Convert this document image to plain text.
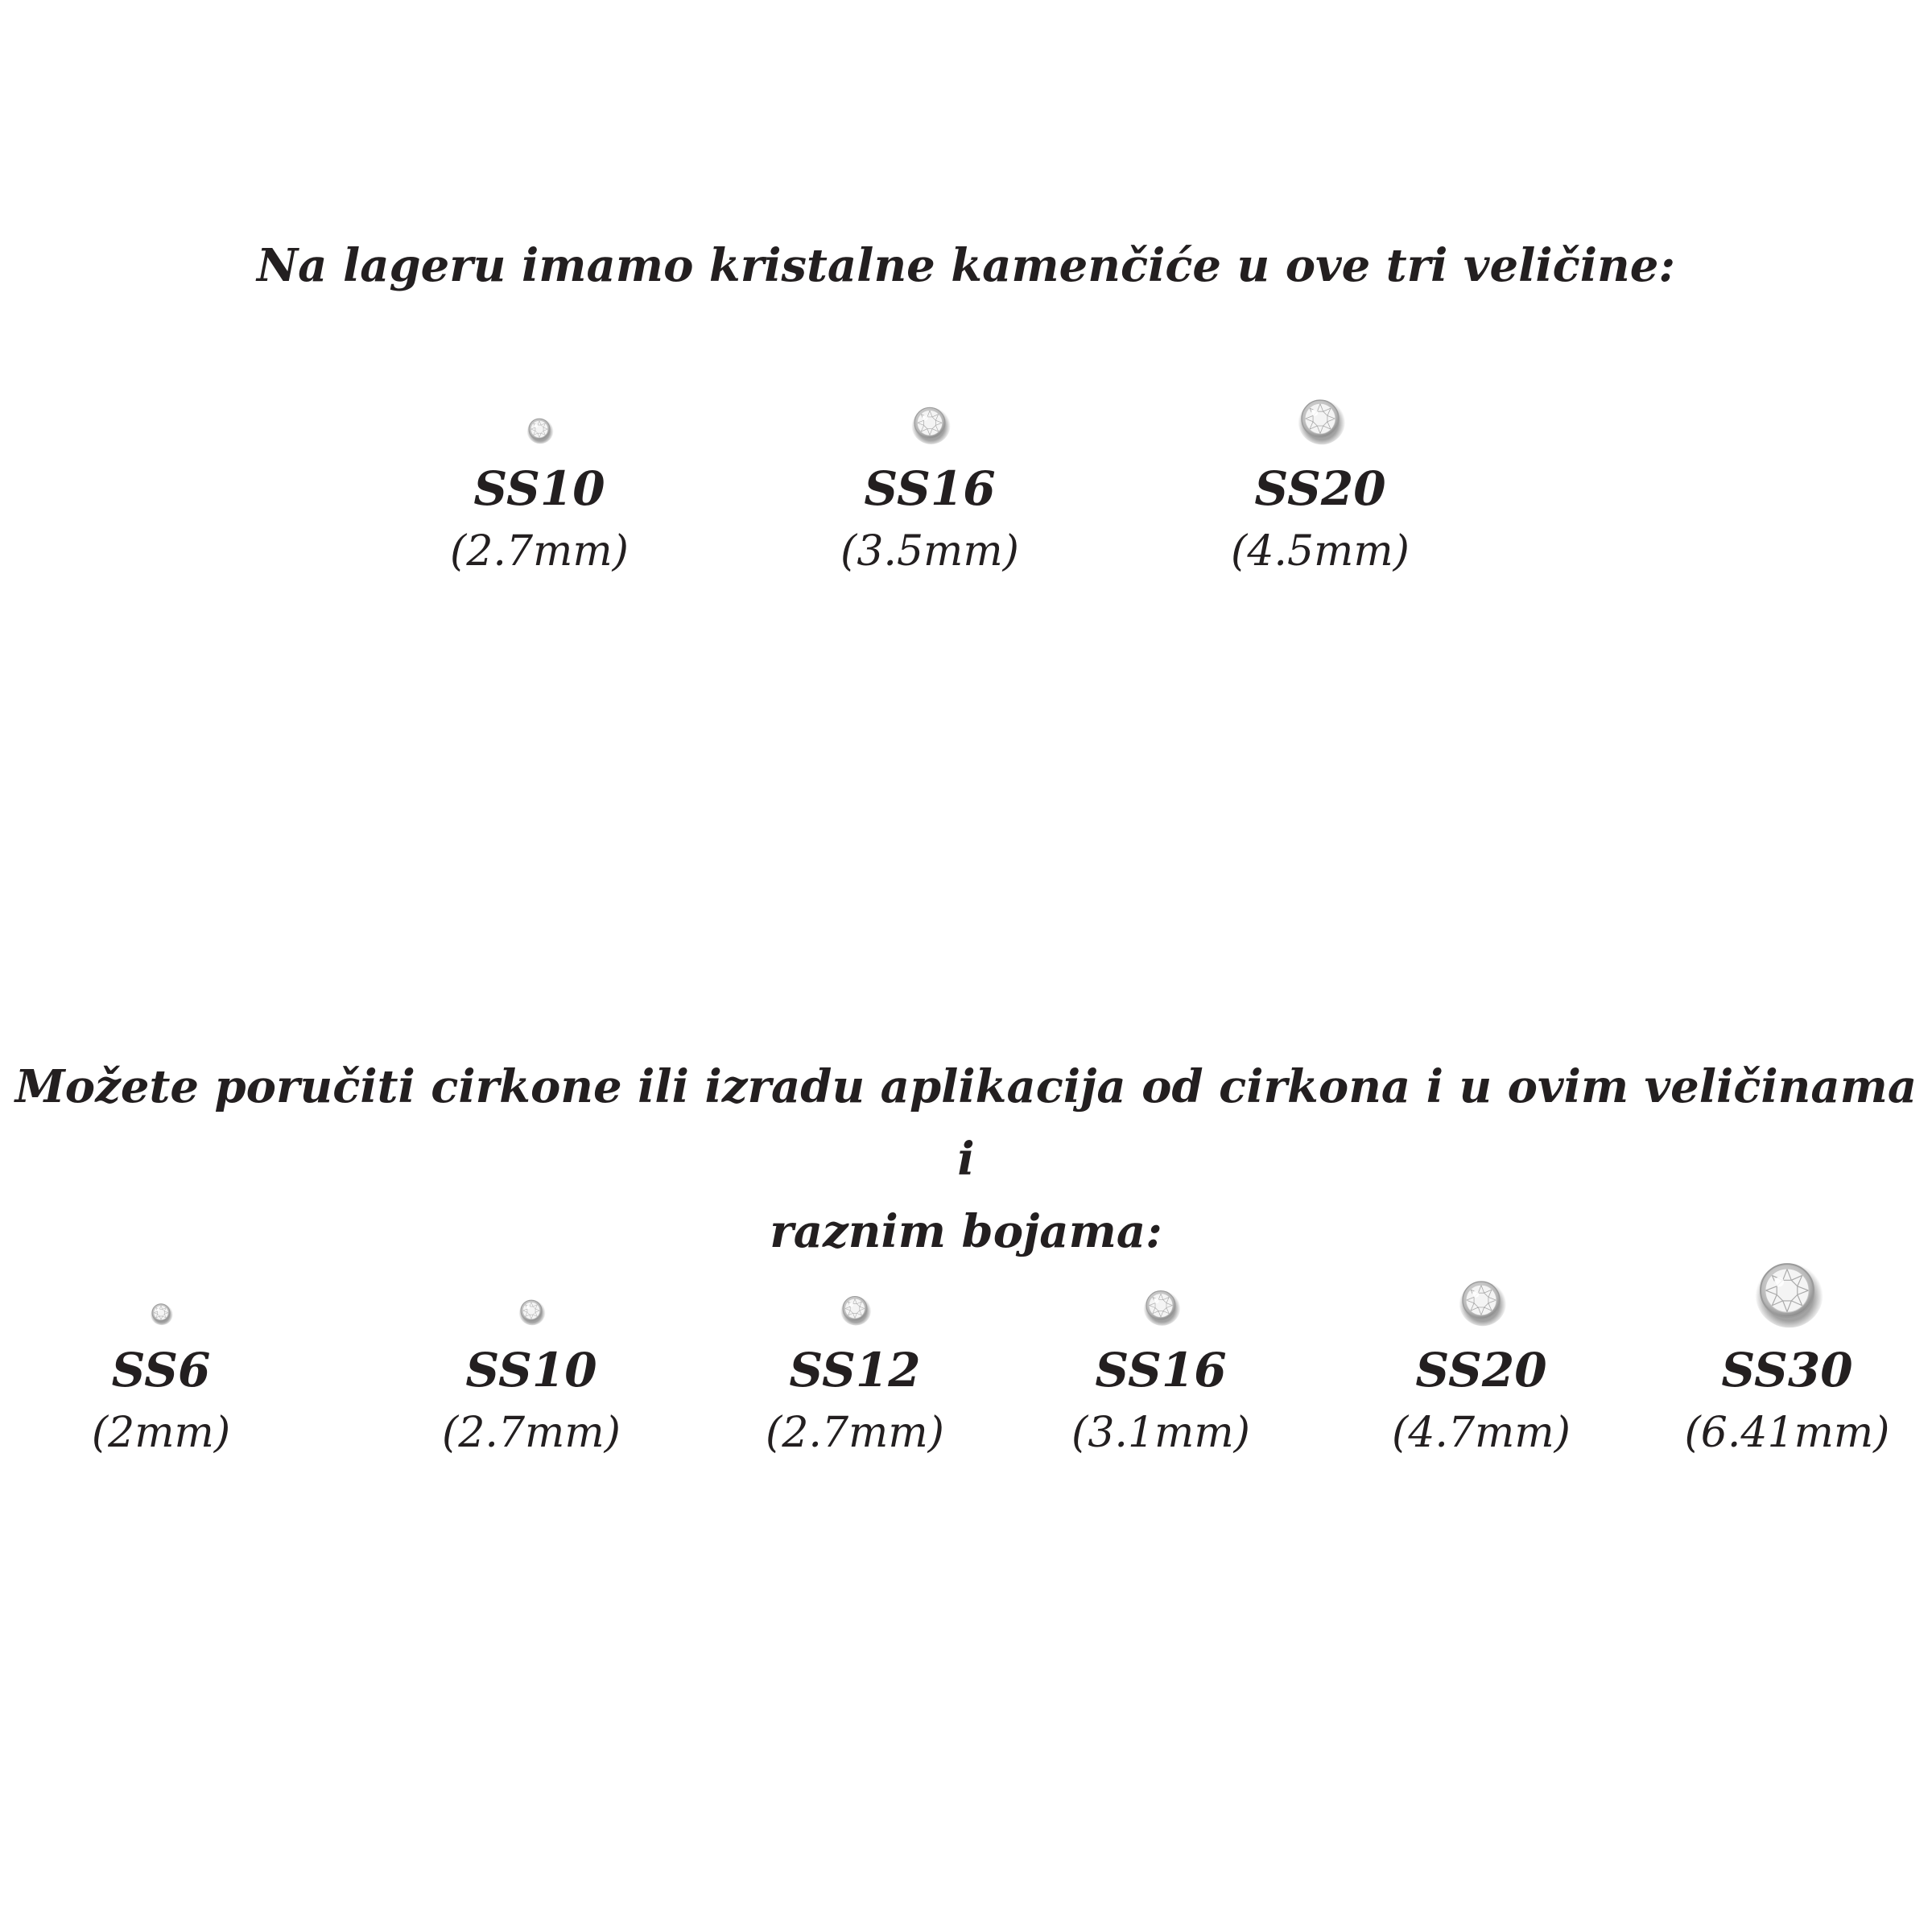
Na lageru imamo kristalne kamenčiće u ove tri veličine:
SS10
(2.7mm)
SS16
(3.5mm)
SS20
(4.5mm)
Možete poručiti cirkone ili izradu aplikacija od cirkona i u ovim veličinama i
raznim bojama:
SS6
(2mm)
SS10
(2.7mm)
SS12
(2.7mm)
SS16
(3.1mm)
SS20
(4.7mm)
SS30
(6.41mm)
